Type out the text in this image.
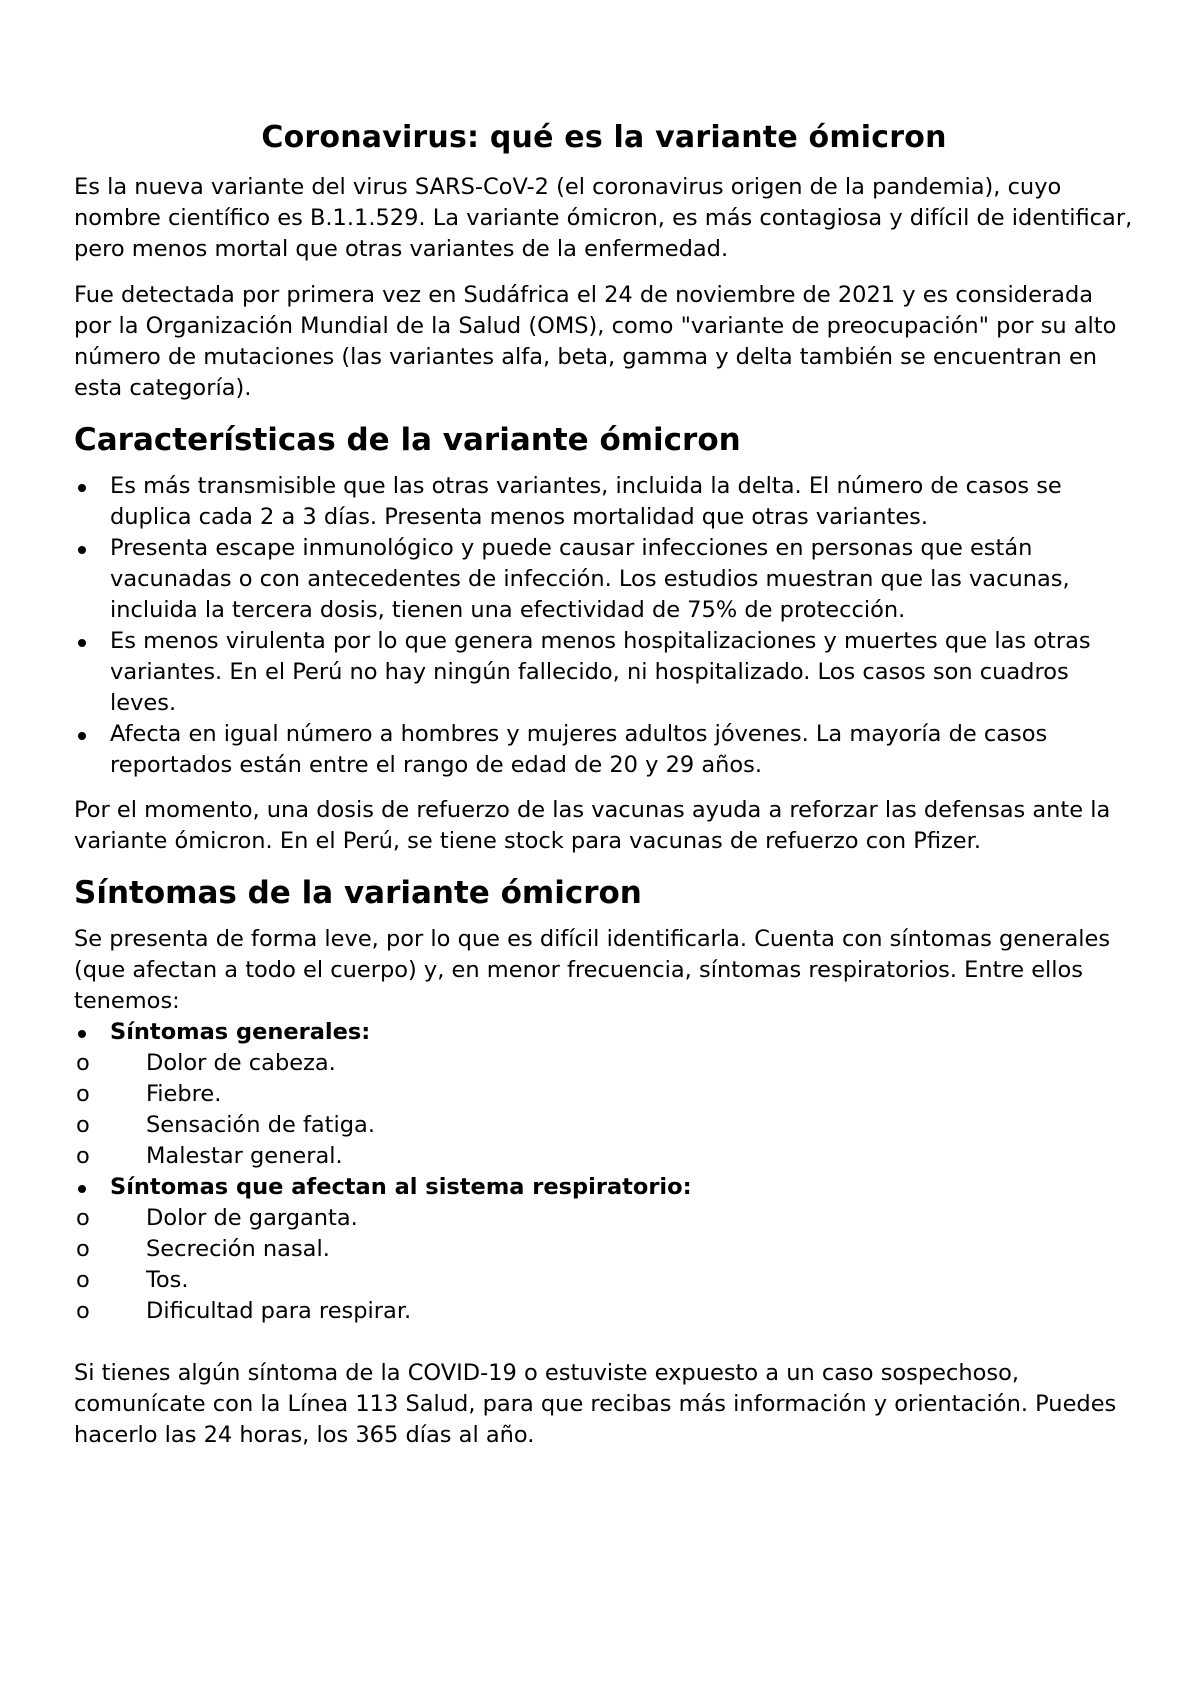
Coronavirus: qué es la variante ómicron

Es la nueva variante del virus SARS-CoV-2 (el coronavirus origen de la pandemia), cuyo nombre científico es B.1.1.529. La variante ómicron, es más contagiosa y difícil de identificar, pero menos mortal que otras variantes de la enfermedad.

Fue detectada por primera vez en Sudáfrica el 24 de noviembre de 2021 y es considerada por la Organización Mundial de la Salud (OMS), como "variante de preocupación" por su alto número de mutaciones (las variantes alfa, beta, gamma y delta también se encuentran en esta categoría).

Características de la variante ómicron
Es más transmisible que las otras variantes, incluida la delta. El número de casos se duplica cada 2 a 3 días. Presenta menos mortalidad que otras variantes.
Presenta escape inmunológico y puede causar infecciones en personas que están vacunadas o con antecedentes de infección. Los estudios muestran que las vacunas, incluida la tercera dosis, tienen una efectividad de 75% de protección.
Es menos virulenta por lo que genera menos hospitalizaciones y muertes que las otras variantes. En el Perú no hay ningún fallecido, ni hospitalizado. Los casos son cuadros leves.
Afecta en igual número a hombres y mujeres adultos jóvenes. La mayoría de casos reportados están entre el rango de edad de 20 y 29 años.

Por el momento, una dosis de refuerzo de las vacunas ayuda a reforzar las defensas ante la variante ómicron. En el Perú, se tiene stock para vacunas de refuerzo con Pfizer.

Síntomas de la variante ómicron
Se presenta de forma leve, por lo que es difícil identificarla. Cuenta con síntomas generales (que afectan a todo el cuerpo) y, en menor frecuencia, síntomas respiratorios. Entre ellos tenemos:
Síntomas generales:
o Dolor de cabeza.
o Fiebre.
o Sensación de fatiga.
o Malestar general.
Síntomas que afectan al sistema respiratorio:
o Dolor de garganta.
o Secreción nasal.
o Tos.
o Dificultad para respirar.

Si tienes algún síntoma de la COVID-19 o estuviste expuesto a un caso sospechoso, comunícate con la Línea 113 Salud, para que recibas más información y orientación. Puedes hacerlo las 24 horas, los 365 días al año.
